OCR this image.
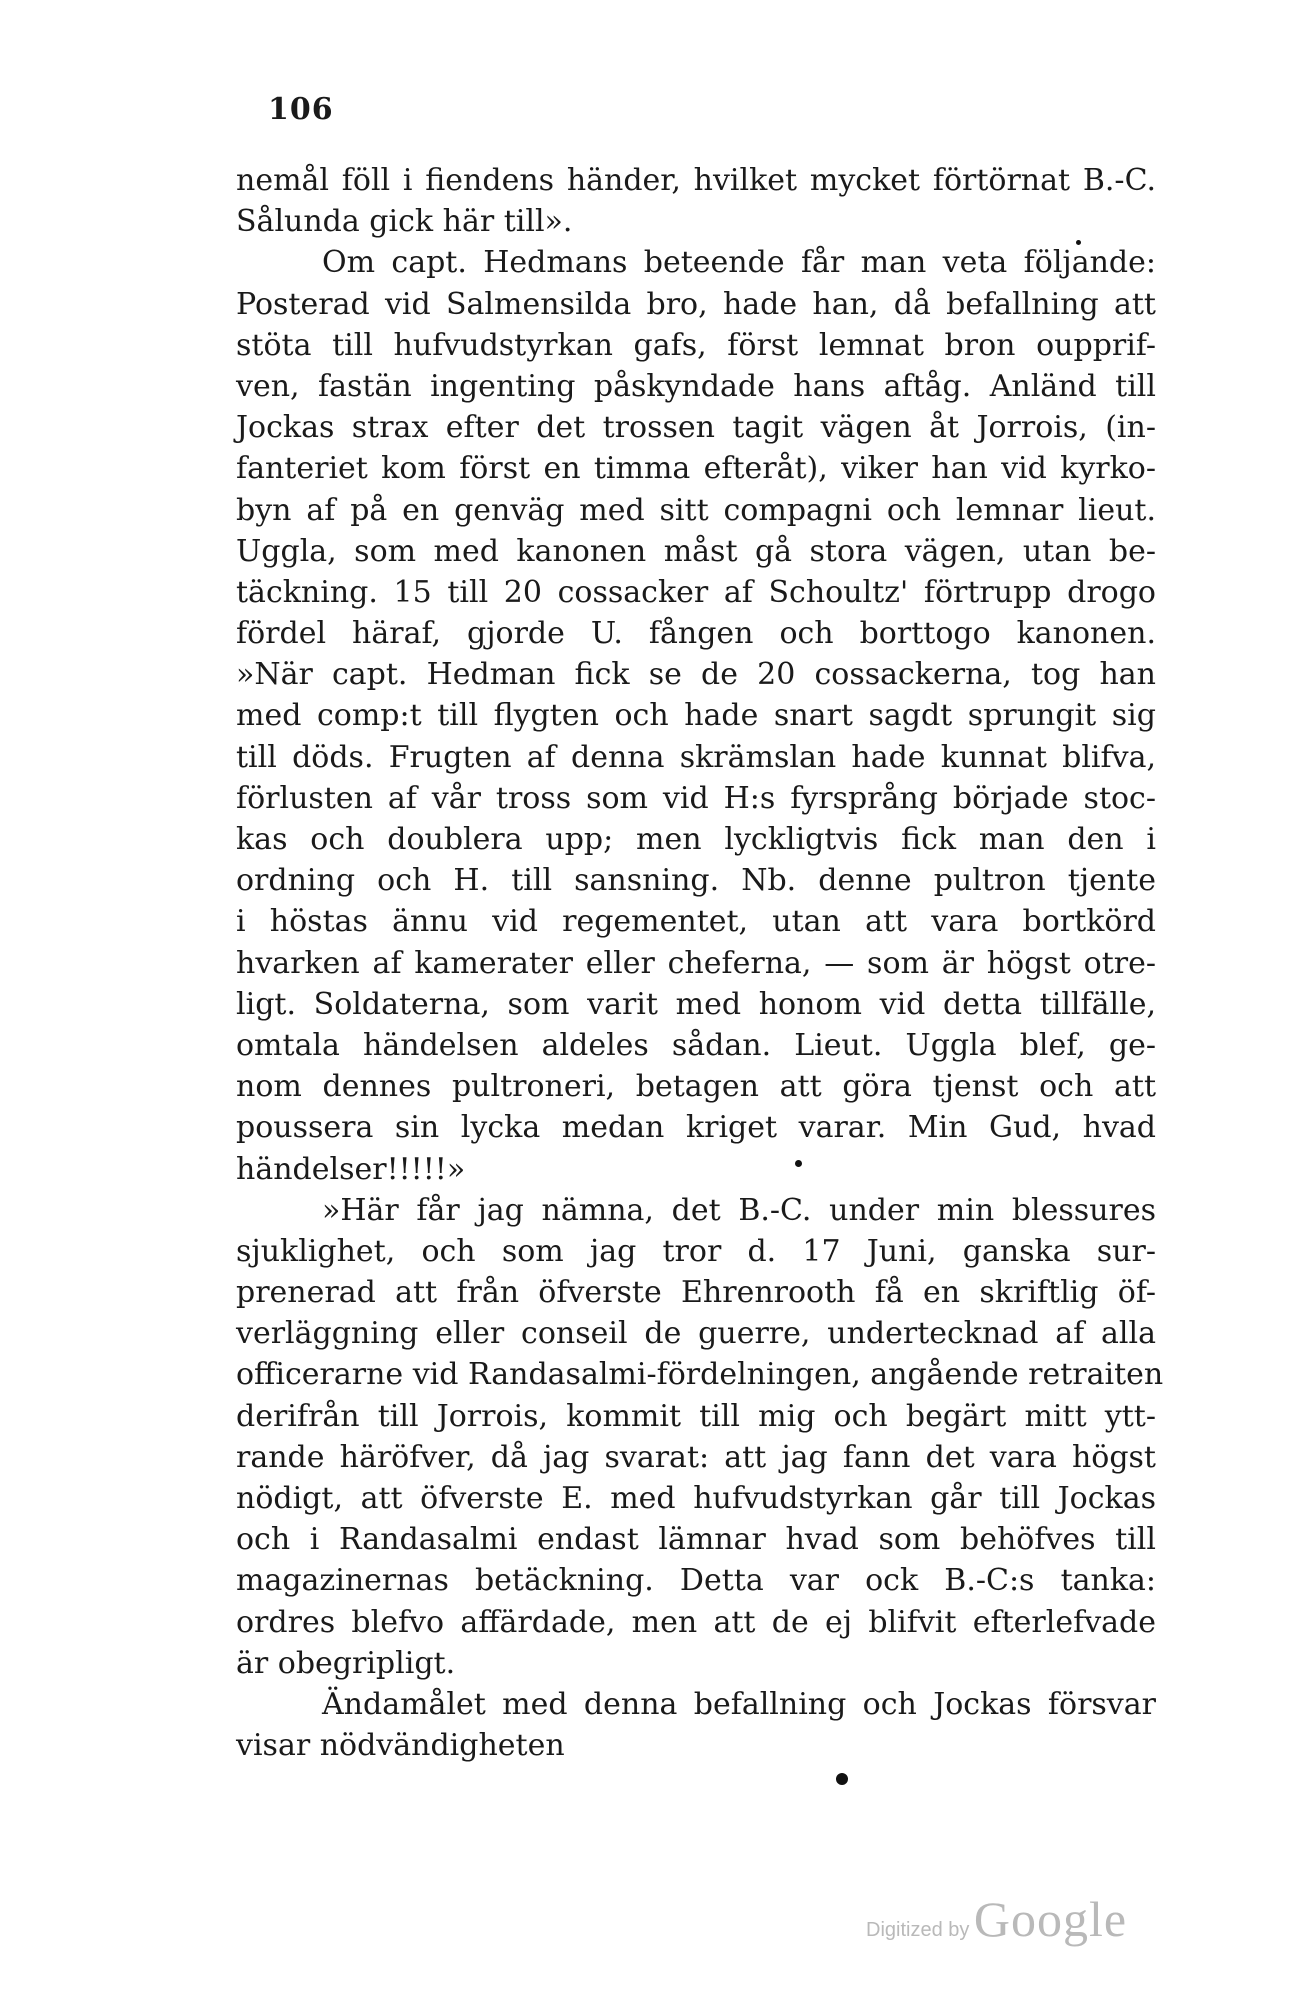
106
nemål föll i fiendens händer, hvilket mycket förtörnat B.-C.
Sålunda gick här till».
Om capt. Hedmans beteende får man veta följande:
Posterad vid Salmensilda bro, hade han, då befallning att
stöta till hufvudstyrkan gafs, först lemnat bron oupprif-
ven, fastän ingenting påskyndade hans aftåg. Anländ till
Jockas strax efter det trossen tagit vägen åt Jorrois, (in-
fanteriet kom först en timma efteråt), viker han vid kyrko-
byn af på en genväg med sitt compagni och lemnar lieut.
Uggla, som med kanonen måst gå stora vägen, utan be-
täckning. 15 till 20 cossacker af Schoultz' förtrupp drogo
fördel häraf, gjorde U. fången och borttogo kanonen.
»När capt. Hedman fick se de 20 cossackerna, tog han
med comp:t till flygten och hade snart sagdt sprungit sig
till döds. Frugten af denna skrämslan hade kunnat blifva,
förlusten af vår tross som vid H:s fyrsprång började stoc-
kas och doublera upp; men lyckligtvis fick man den i
ordning och H. till sansning. Nb. denne pultron tjente
i höstas ännu vid regementet, utan att vara bortkörd
hvarken af kamerater eller cheferna, — som är högst otre-
ligt. Soldaterna, som varit med honom vid detta tillfälle,
omtala händelsen aldeles sådan. Lieut. Uggla blef, ge-
nom dennes pultroneri, betagen att göra tjenst och att
poussera sin lycka medan kriget varar. Min Gud, hvad
händelser!!!!!»
»Här får jag nämna, det B.-C. under min blessures
sjuklighet, och som jag tror d. 17 Juni, ganska sur-
prenerad att från öfverste Ehrenrooth få en skriftlig öf-
verläggning eller conseil de guerre, undertecknad af alla
officerarne vid Randasalmi-fördelningen, angående retraiten
derifrån till Jorrois, kommit till mig och begärt mitt ytt-
rande häröfver, då jag svarat: att jag fann det vara högst
nödigt, att öfverste E. med hufvudstyrkan går till Jockas
och i Randasalmi endast lämnar hvad som behöfves till
magazinernas betäckning. Detta var ock B.-C:s tanka:
ordres blefvo affärdade, men att de ej blifvit efterlefvade
är obegripligt.
Ändamålet med denna befallning och Jockas försvar
visar nödvändigheten
Digitized by Google
